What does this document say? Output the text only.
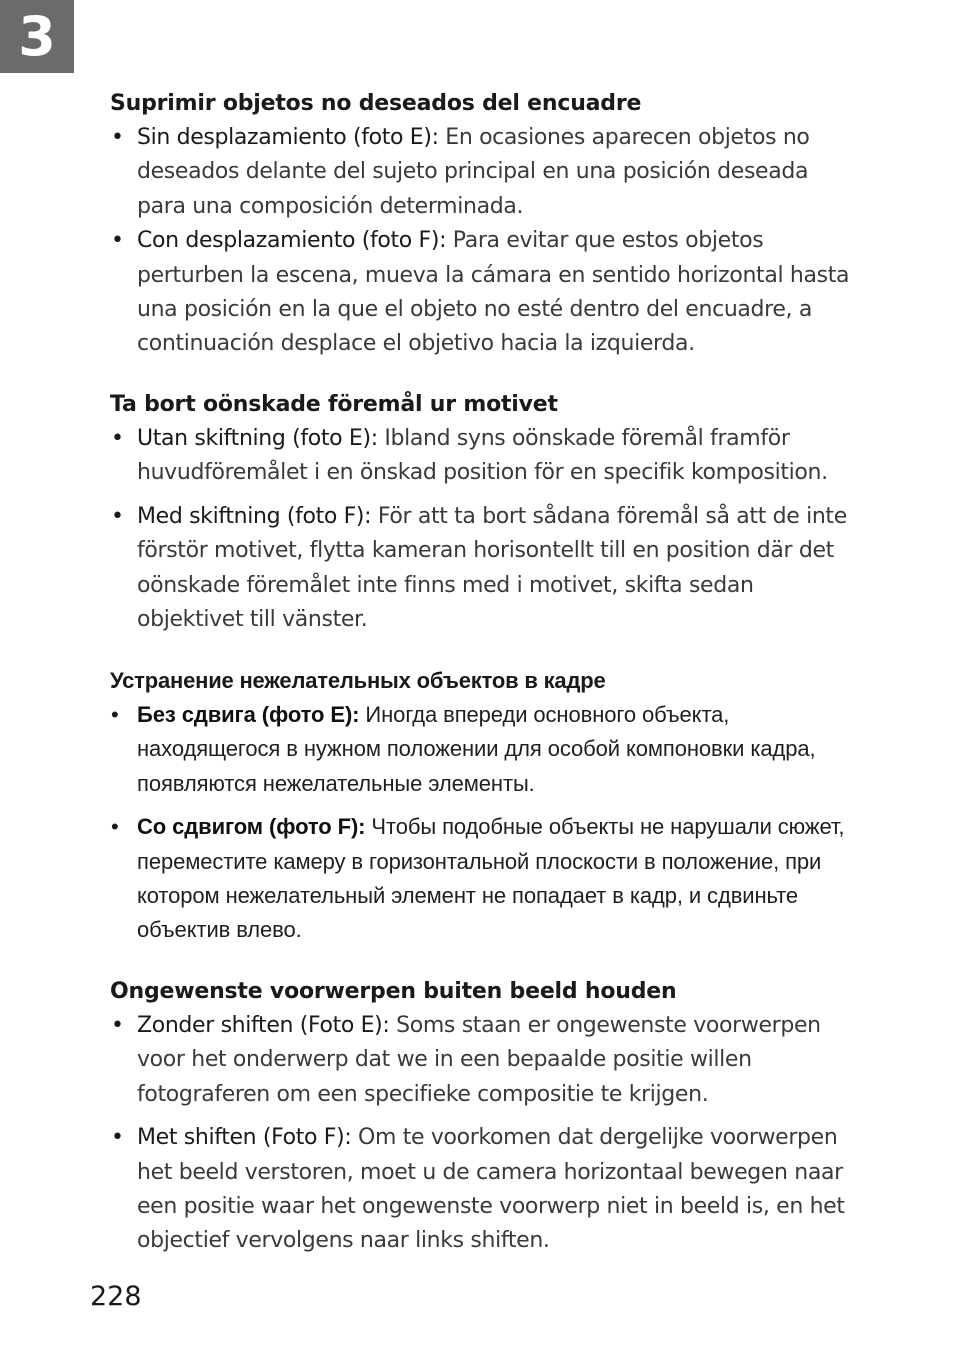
3
Suprimir objetos no deseados del encuadre
• Sin desplazamiento (foto E): En ocasiones aparecen objetos no deseados delante del sujeto principal en una posición deseada para una composición determinada.
• Con desplazamiento (foto F): Para evitar que estos objetos perturben la escena, mueva la cámara en sentido horizontal hasta una posición en la que el objeto no esté dentro del encuadre, a continuación desplace el objetivo hacia la izquierda.
Ta bort oönskade föremål ur motivet
• Utan skiftning (foto E): Ibland syns oönskade föremål framför huvudföremålet i en önskad position för en specifik komposition.
• Med skiftning (foto F): För att ta bort sådana föremål så att de inte förstör motivet, flytta kameran horisontellt till en position där det oönskade föremålet inte finns med i motivet, skifta sedan objektivet till vänster.
Устранение нежелательных объектов в кадре
• Без сдвига (фото E): Иногда впереди основного объекта, находящегося в нужном положении для особой компоновки кадра, появляются нежелательные элементы.
• Со сдвигом (фото F): Чтобы подобные объекты не нарушали сюжет, переместите камеру в горизонтальной плоскости в положение, при котором нежелательный элемент не попадает в кадр, и сдвиньте объектив влево.
Ongewenste voorwerpen buiten beeld houden
• Zonder shiften (Foto E): Soms staan er ongewenste voorwerpen voor het onderwerp dat we in een bepaalde positie willen fotograferen om een specifieke compositie te krijgen.
• Met shiften (Foto F): Om te voorkomen dat dergelijke voorwerpen het beeld verstoren, moet u de camera horizontaal bewegen naar een positie waar het ongewenste voorwerp niet in beeld is, en het objectief vervolgens naar links shiften.
228
